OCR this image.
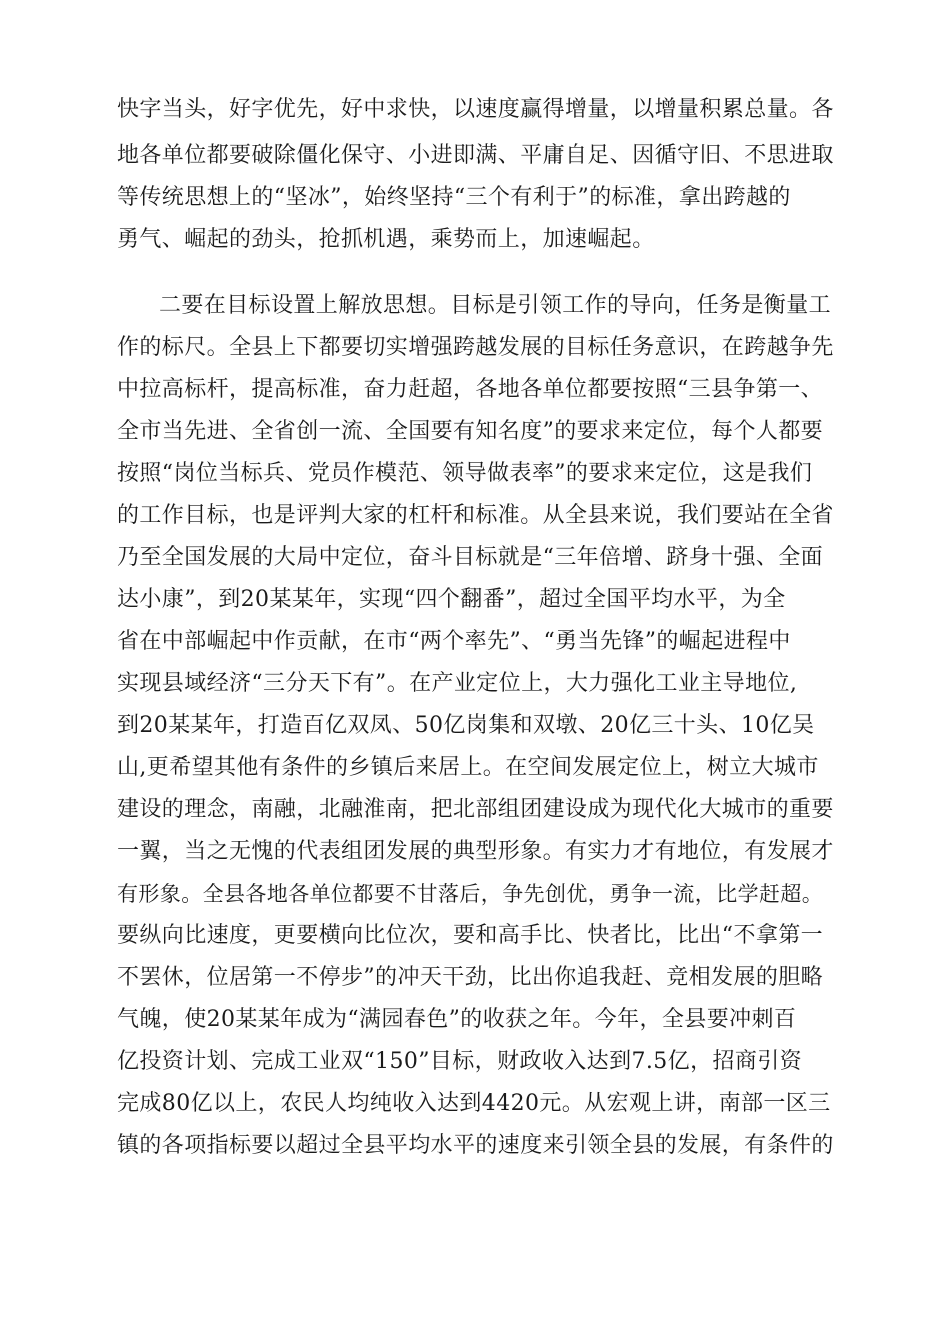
快字当头，好字优先，好中求快，以速度赢得增量，以增量积累总量。各
地各单位都要破除僵化保守、小进即满、平庸自足、因循守旧、不思进取
等传统思想上的“坚冰”，始终坚持“三个有利于”的标准，拿出跨越的
勇气、崛起的劲头，抢抓机遇，乘势而上，加速崛起。
二要在目标设置上解放思想。目标是引领工作的导向，任务是衡量工
作的标尺。全县上下都要切实增强跨越发展的目标任务意识，在跨越争先
中拉高标杆，提高标准，奋力赶超，各地各单位都要按照“三县争第一、
全市当先进、全省创一流、全国要有知名度”的要求来定位，每个人都要
按照“岗位当标兵、党员作模范、领导做表率”的要求来定位，这是我们
的工作目标，也是评判大家的杠杆和标准。从全县来说，我们要站在全省
乃至全国发展的大局中定位，奋斗目标就是“三年倍增、跻身十强、全面
达小康”，到20某某年，实现“四个翻番”，超过全国平均水平，为全
省在中部崛起中作贡献，在市“两个率先”、“勇当先锋”的崛起进程中
实现县域经济“三分天下有”。在产业定位上，大力强化工业主导地位,
到20某某年，打造百亿双凤、50亿岗集和双墩、20亿三十头、10亿吴
山,更希望其他有条件的乡镇后来居上。在空间发展定位上，树立大城市
建设的理念，南融，北融淮南，把北部组团建设成为现代化大城市的重要
一翼，当之无愧的代表组团发展的典型形象。有实力才有地位，有发展才
有形象。全县各地各单位都要不甘落后，争先创优，勇争一流，比学赶超。
要纵向比速度，更要横向比位次，要和高手比、快者比，比出“不拿第一
不罢休，位居第一不停步”的冲天干劲，比出你追我赶、竞相发展的胆略
气魄，使20某某年成为“满园春色”的收获之年。今年，全县要冲刺百
亿投资计划、完成工业双“150”目标，财政收入达到7.5亿，招商引资
完成80亿以上，农民人均纯收入达到4420元。从宏观上讲，南部一区三
镇的各项指标要以超过全县平均水平的速度来引领全县的发展，有条件的
